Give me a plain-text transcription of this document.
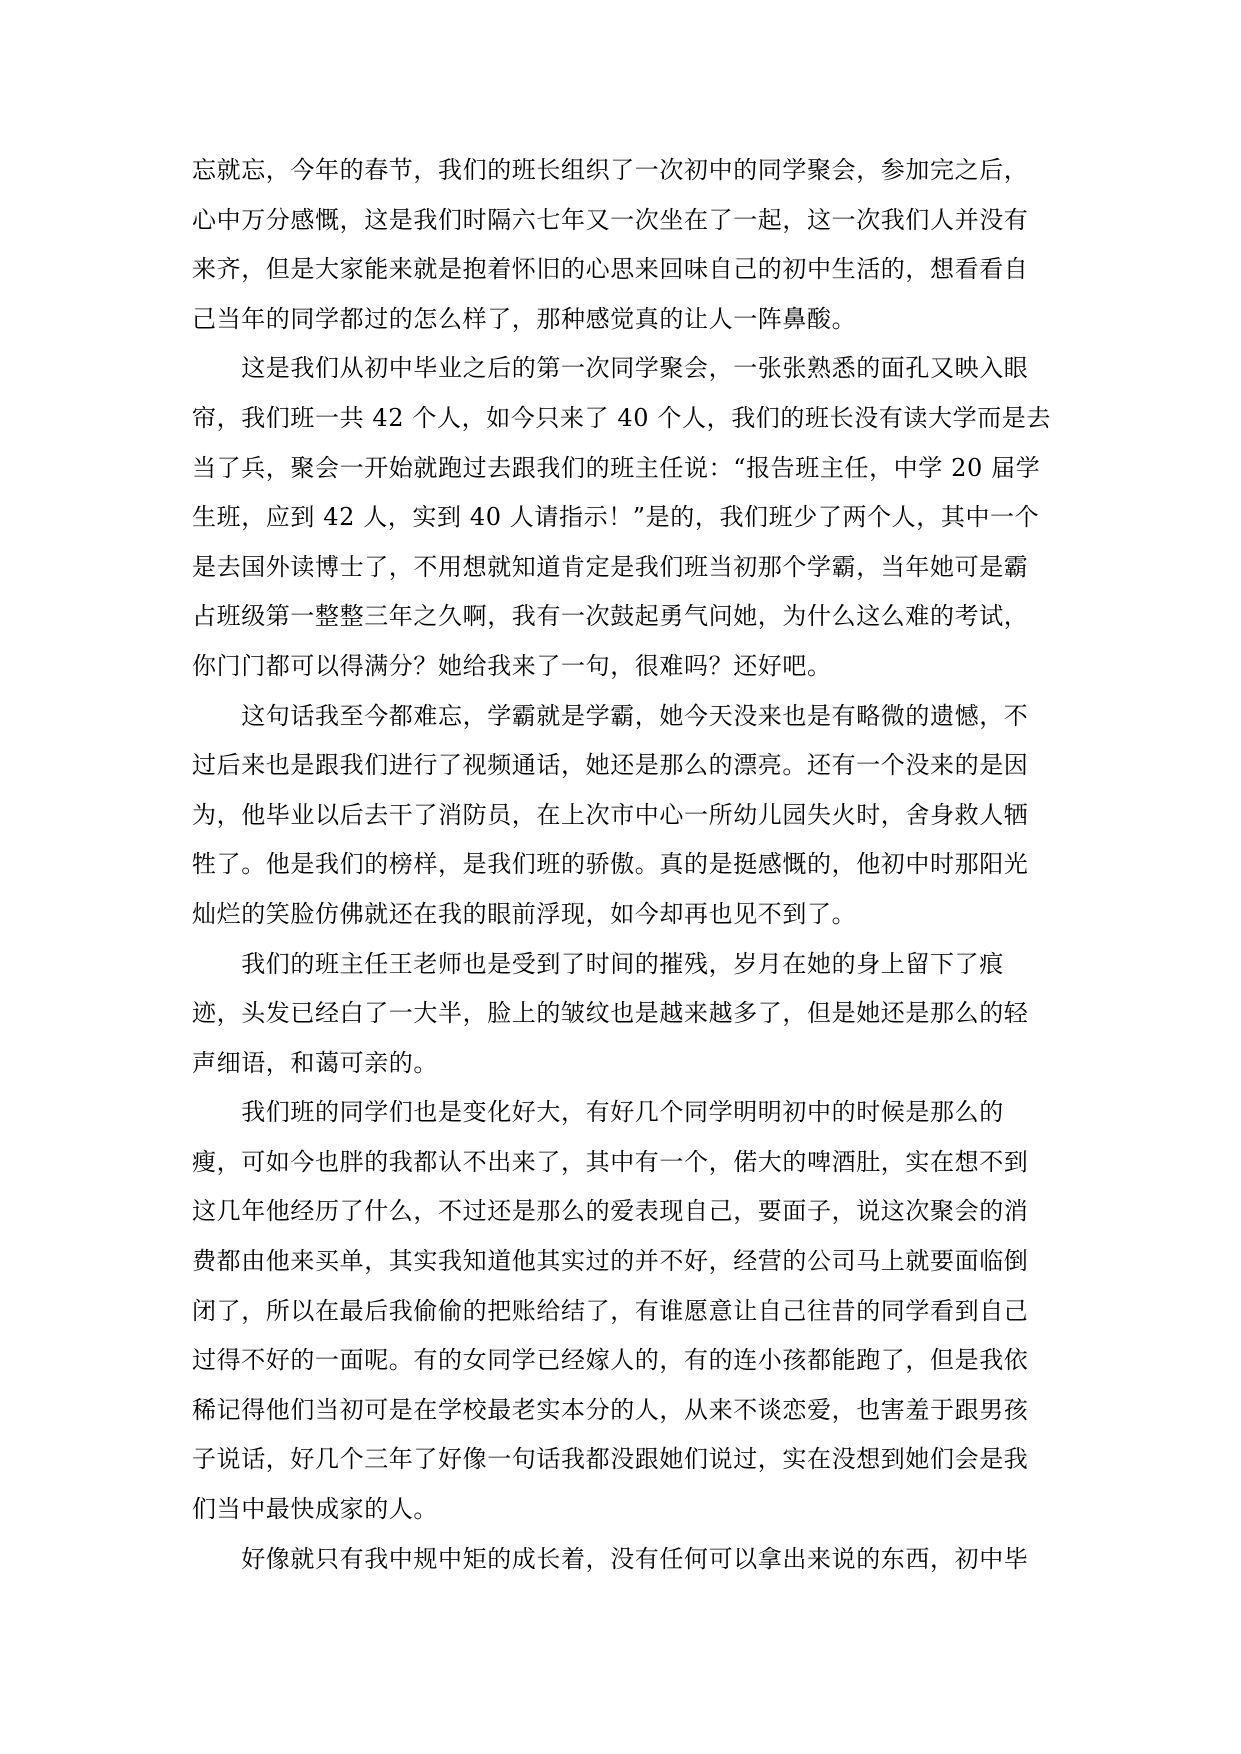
忘就忘，今年的春节，我们的班长组织了一次初中的同学聚会，参加完之后，
心中万分感慨，这是我们时隔六七年又一次坐在了一起，这一次我们人并没有
来齐，但是大家能来就是抱着怀旧的心思来回味自己的初中生活的，想看看自
己当年的同学都过的怎么样了，那种感觉真的让人一阵鼻酸。
　　这是我们从初中毕业之后的第一次同学聚会，一张张熟悉的面孔又映入眼
帘，我们班一共 42 个人，如今只来了 40 个人，我们的班长没有读大学而是去
当了兵，聚会一开始就跑过去跟我们的班主任说：“报告班主任，中学 20 届学
生班，应到 42 人，实到 40 人请指示！”是的，我们班少了两个人，其中一个
是去国外读博士了，不用想就知道肯定是我们班当初那个学霸，当年她可是霸
占班级第一整整三年之久啊，我有一次鼓起勇气问她，为什么这么难的考试，
你门门都可以得满分？她给我来了一句，很难吗？还好吧。
　　这句话我至今都难忘，学霸就是学霸，她今天没来也是有略微的遗憾，不
过后来也是跟我们进行了视频通话，她还是那么的漂亮。还有一个没来的是因
为，他毕业以后去干了消防员，在上次市中心一所幼儿园失火时，舍身救人牺
牲了。他是我们的榜样，是我们班的骄傲。真的是挺感慨的，他初中时那阳光
灿烂的笑脸仿佛就还在我的眼前浮现，如今却再也见不到了。
　　我们的班主任王老师也是受到了时间的摧残，岁月在她的身上留下了痕
迹，头发已经白了一大半，脸上的皱纹也是越来越多了，但是她还是那么的轻
声细语，和蔼可亲的。
　　我们班的同学们也是变化好大，有好几个同学明明初中的时候是那么的
瘦，可如今也胖的我都认不出来了，其中有一个，偌大的啤酒肚，实在想不到
这几年他经历了什么，不过还是那么的爱表现自己，要面子，说这次聚会的消
费都由他来买单，其实我知道他其实过的并不好，经营的公司马上就要面临倒
闭了，所以在最后我偷偷的把账给结了，有谁愿意让自己往昔的同学看到自己
过得不好的一面呢。有的女同学已经嫁人的，有的连小孩都能跑了，但是我依
稀记得他们当初可是在学校最老实本分的人，从来不谈恋爱，也害羞于跟男孩
子说话，好几个三年了好像一句话我都没跟她们说过，实在没想到她们会是我
们当中最快成家的人。
　　好像就只有我中规中矩的成长着，没有任何可以拿出来说的东西，初中毕
